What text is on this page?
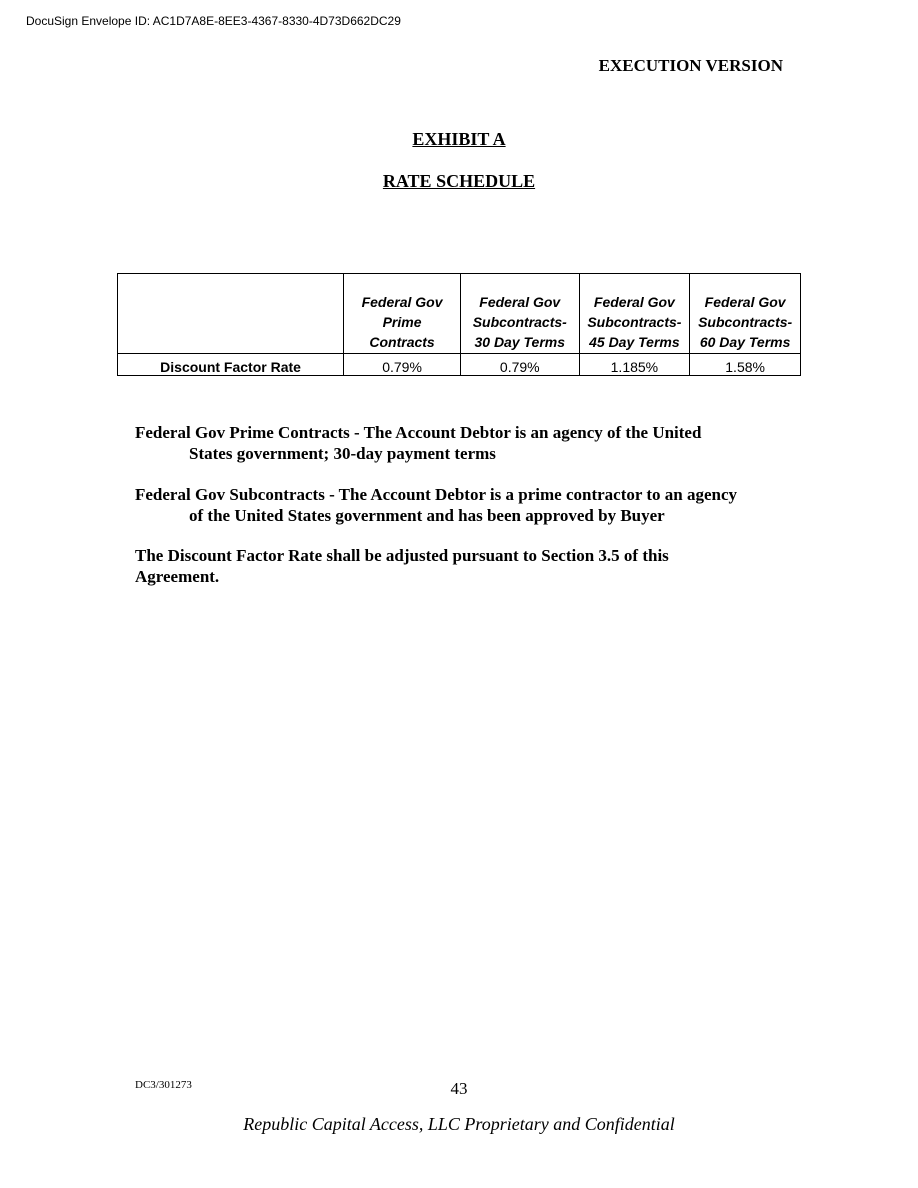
DocuSign Envelope ID: AC1D7A8E-8EE3-4367-8330-4D73D662DC29
EXECUTION VERSION
EXHIBIT A
RATE SCHEDULE
	Federal Gov
Prime
Contracts	Federal Gov
Subcontracts-
30 Day Terms	Federal Gov
Subcontracts-
45 Day Terms	Federal Gov
Subcontracts-
60 Day Terms
Discount Factor Rate	0.79%	0.79%	1.185%	1.58%
Federal Gov Prime Contracts - The Account Debtor is an agency of the United
States government; 30-day payment terms
Federal Gov Subcontracts - The Account Debtor is a prime contractor to an agency
of the United States government and has been approved by Buyer
The Discount Factor Rate shall be adjusted pursuant to Section 3.5 of this
Agreement.
DC3/301273	43
Republic Capital Access, LLC Proprietary and Confidential
